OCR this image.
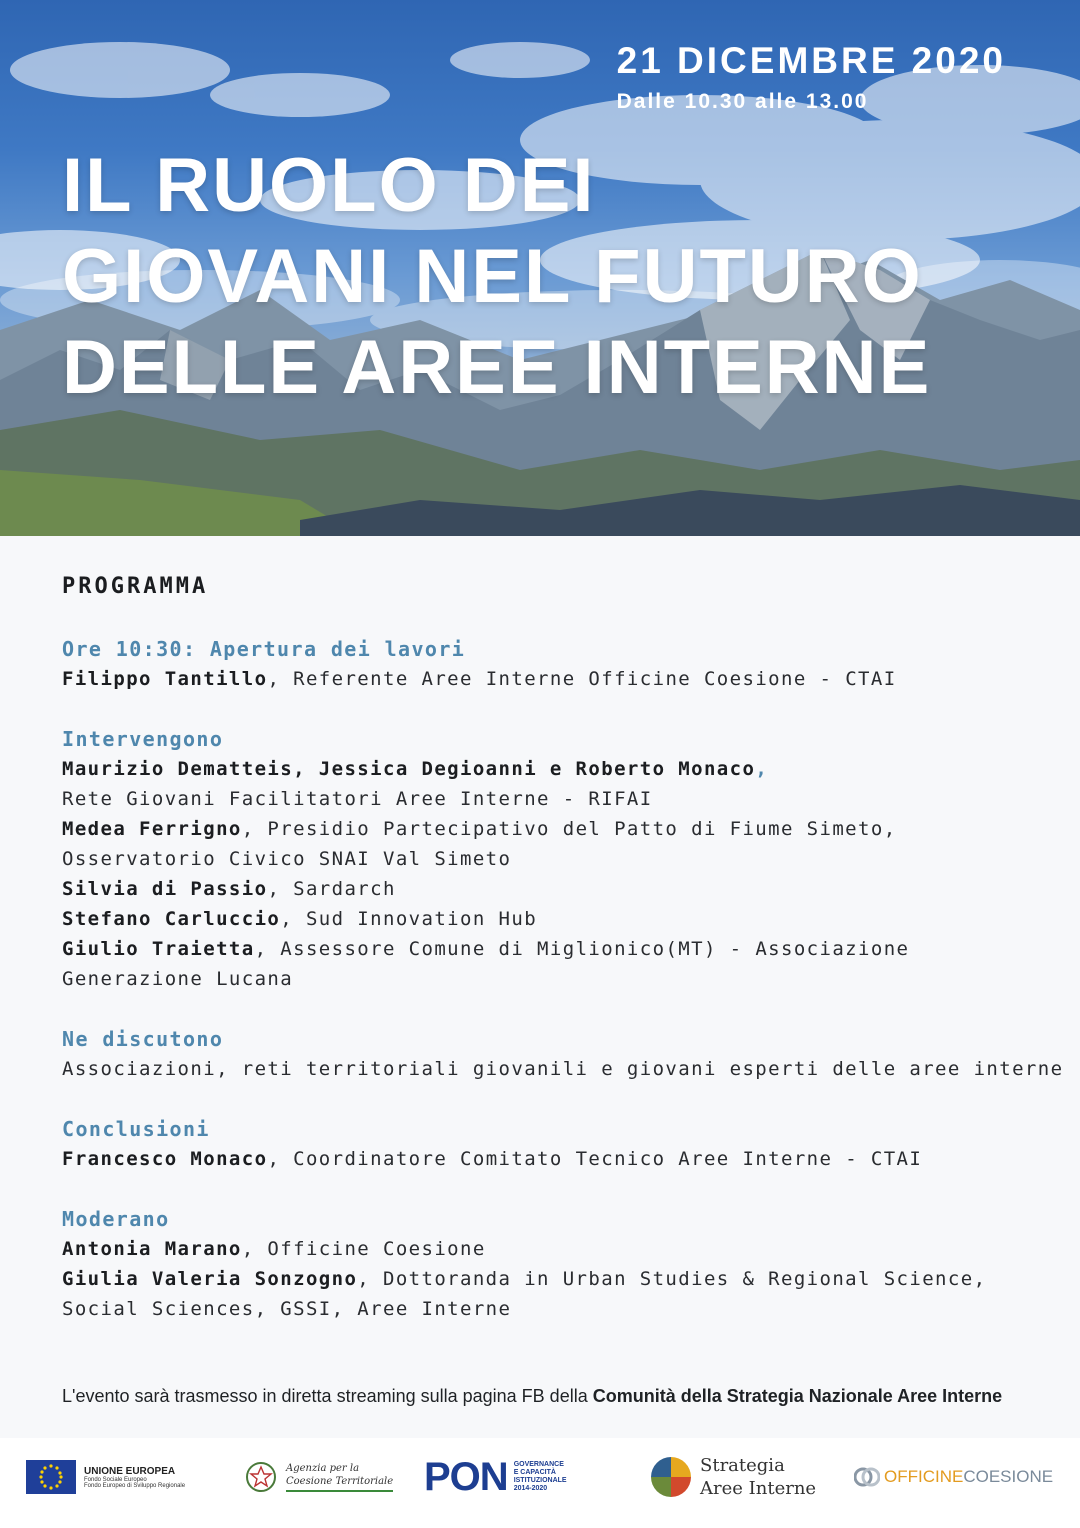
21 DICEMBRE 2020
Dalle 10.30 alle 13.00
IL RUOLO DEI
GIOVANI NEL FUTURO
DELLE AREE INTERNE
PROGRAMMA
Ore 10:30: Apertura dei lavori
Filippo Tantillo, Referente Aree Interne Officine Coesione - CTAI
Intervengono
Maurizio Dematteis, Jessica Degioanni e Roberto Monaco,
Rete Giovani Facilitatori Aree Interne - RIFAI
Medea Ferrigno, Presidio Partecipativo del Patto di Fiume Simeto,
Osservatorio Civico SNAI Val Simeto
Silvia di Passio, Sardarch
Stefano Carluccio, Sud Innovation Hub
Giulio Traietta, Assessore Comune di Miglionico(MT) - Associazione
Generazione Lucana
Ne discutono
Associazioni, reti territoriali giovanili e giovani esperti delle aree interne
Conclusioni
Francesco Monaco, Coordinatore Comitato Tecnico Aree Interne - CTAI
Moderano
Antonia Marano, Officine Coesione
Giulia Valeria Sonzogno, Dottoranda in Urban Studies & Regional Science,
Social Sciences, GSSI, Aree Interne
L'evento sarà trasmesso in diretta streaming sulla pagina FB della Comunità della Strategia Nazionale Aree Interne
UNIONE EUROPEA
Fondo Sociale Europeo
Fondo Europeo di Sviluppo Regionale
Agenzia per la
Coesione Territoriale PON GOVERNANCE
E CAPACITÀ
ISTITUZIONALE
2014-2020
Strategia
Aree Interne
OFFICINECOESIONE
